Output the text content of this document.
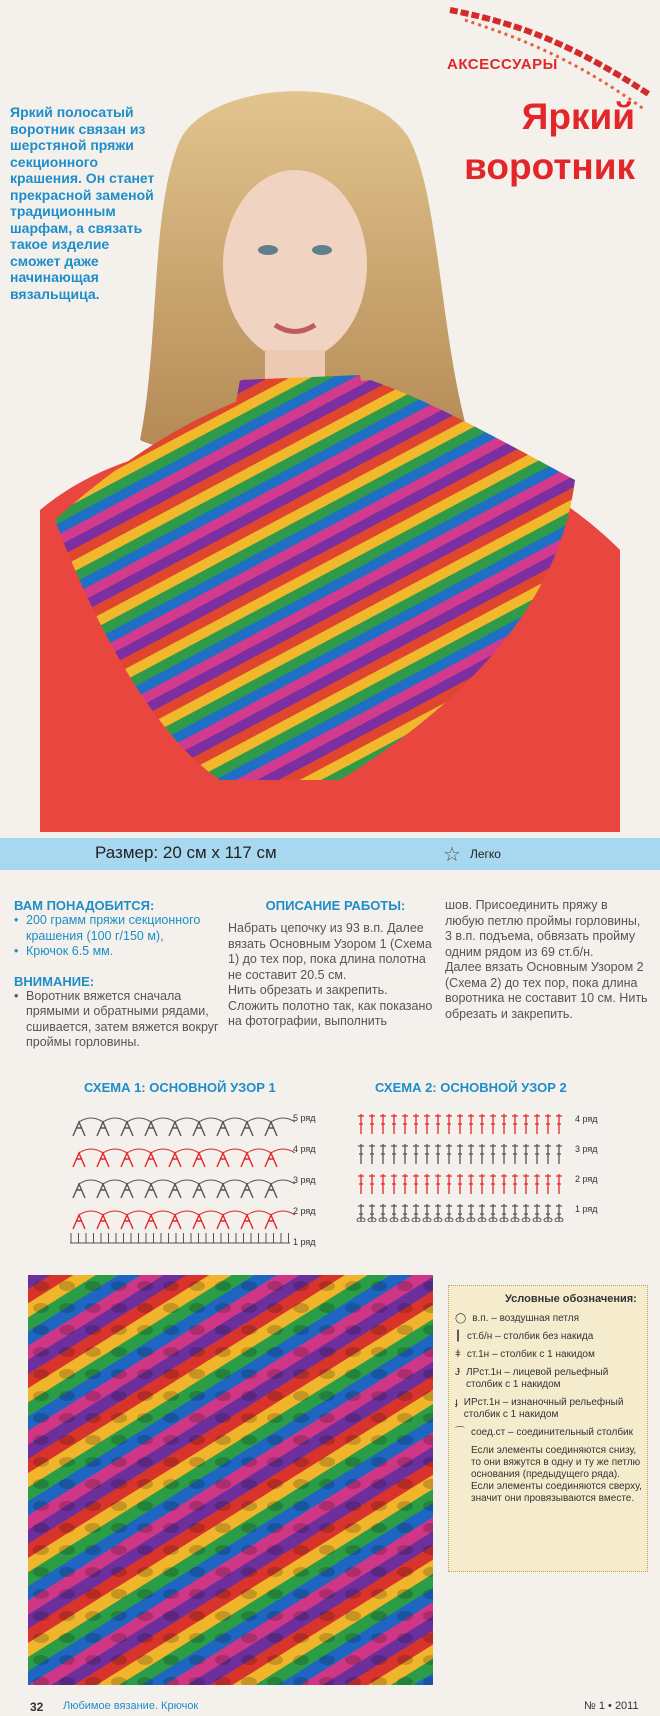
АКСЕССУАРЫ
Яркий
воротник
Яркий полосатый воротник связан из шерстяной пряжи секционного крашения. Он станет прекрасной заменой традиционным шарфам, а связать такое изделие сможет даже начинающая вязальщица.
Размер: 20 см х 117 см	☆ Легко
ВАМ ПОНАДОБИТСЯ:
• 200 грамм пряжи секционного крашения (100 г/150 м),
• Крючок 6.5 мм.
ВНИМАНИЕ:
• Воротник вяжется сначала прямыми и обратными рядами, сшивается, затем вяжется вокруг проймы горловины.
ОПИСАНИЕ РАБОТЫ:
Набрать цепочку из 93 в.п. Далее вязать Основным Узором 1 (Схема 1) до тех пор, пока длина полотна не составит 20.5 см.
Нить обрезать и закрепить.
Сложить полотно так, как показано на фотографии, выполнить
шов. Присоединить пряжу в любую петлю проймы горловины, 3 в.п. подъема, обвязать пройму одним рядом из 69 ст.б/н.
Далее вязать Основным Узором 2 (Схема 2) до тех пор, пока длина воротника не составит 10 см. Нить обрезать и закрепить.
СХЕМА 1: ОСНОВНОЙ УЗОР 1
5 ряд
4 ряд
3 ряд
2 ряд
1 ряд
СХЕМА 2: ОСНОВНОЙ УЗОР 2
4 ряд
3 ряд
2 ряд
1 ряд
Условные обозначения:
◯ в.п. – воздушная петля
┃ ст.б/н – столбик без накида
ǂ ст.1н – столбик с 1 накидом
Ɉ ЛРст.1н – лицевой рельефный столбик с 1 накидом
ɟ ИРст.1н – изнаночный рельефный столбик с 1 накидом
⌒ соед.ст – соединительный столбик
Если элементы соединяются снизу, то они вяжутся в одну и ту же петлю основания (предыдущего ряда). Если элементы соединяются сверху, значит они провязываются вместе.
32 Любимое вязание. Крючок	№ 1 • 2011
